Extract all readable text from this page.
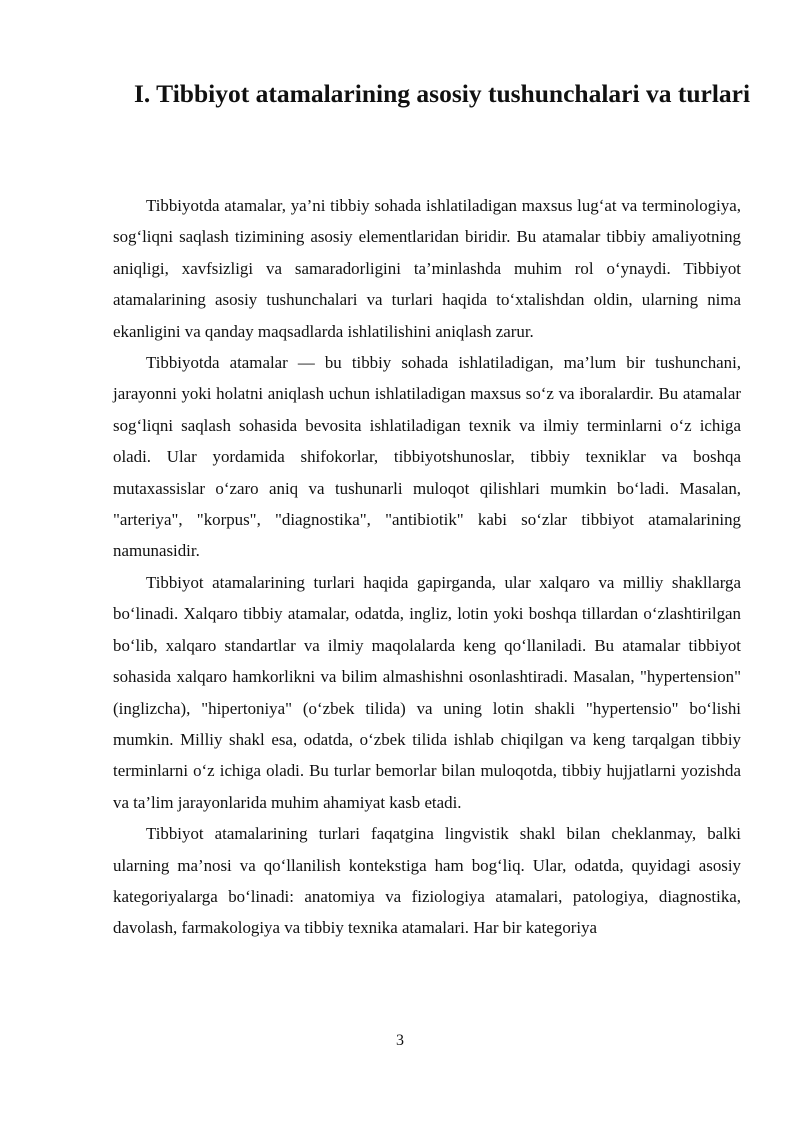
I. Tibbiyot atamalarining asosiy tushunchalari va turlari

Tibbiyotda atamalar, ya’ni tibbiy sohada ishlatiladigan maxsus lug‘at va terminologiya, sog‘liqni saqlash tizimining asosiy elementlaridan biridir. Bu atamalar tibbiy amaliyotning aniqligi, xavfsizligi va samaradorligini ta’minlashda muhim rol o‘ynaydi. Tibbiyot atamalarining asosiy tushunchalari va turlari haqida to‘xtalishdan oldin, ularning nima ekanligini va qanday maqsadlarda ishlatilishini aniqlash zarur.

Tibbiyotda atamalar — bu tibbiy sohada ishlatiladigan, ma’lum bir tushunchani, jarayonni yoki holatni aniqlash uchun ishlatiladigan maxsus so‘z va iboralardir. Bu atamalar sog‘liqni saqlash sohasida bevosita ishlatiladigan texnik va ilmiy terminlarni o‘z ichiga oladi. Ular yordamida shifokorlar, tibbiyotshunoslar, tibbiy texniklar va boshqa mutaxassislar o‘zaro aniq va tushunarli muloqot qilishlari mumkin bo‘ladi. Masalan, "arteriya", "korpus", "diagnostika", "antibiotik" kabi so‘zlar tibbiyot atamalarining namunasidir.

Tibbiyot atamalarining turlari haqida gapirganda, ular xalqaro va milliy shakllarga bo‘linadi. Xalqaro tibbiy atamalar, odatda, ingliz, lotin yoki boshqa tillardan o‘zlashtirilgan bo‘lib, xalqaro standartlar va ilmiy maqolalarda keng qo‘llaniladi. Bu atamalar tibbiyot sohasida xalqaro hamkorlikni va bilim almashishni osonlashtiradi. Masalan, "hypertension" (inglizcha), "hipertoniya" (o‘zbek tilida) va uning lotin shakli "hypertensio" bo‘lishi mumkin. Milliy shakl esa, odatda, o‘zbek tilida ishlab chiqilgan va keng tarqalgan tibbiy terminlarni o‘z ichiga oladi. Bu turlar bemorlar bilan muloqotda, tibbiy hujjatlarni yozishda va ta’lim jarayonlarida muhim ahamiyat kasb etadi.

Tibbiyot atamalarining turlari faqatgina lingvistik shakl bilan cheklanmay, balki ularning ma’nosi va qo‘llanilish kontekstiga ham bog‘liq. Ular, odatda, quyidagi asosiy kategoriyalarga bo‘linadi: anatomiya va fiziologiya atamalari, patologiya, diagnostika, davolash, farmakologiya va tibbiy texnika atamalari. Har bir kategoriya

3
